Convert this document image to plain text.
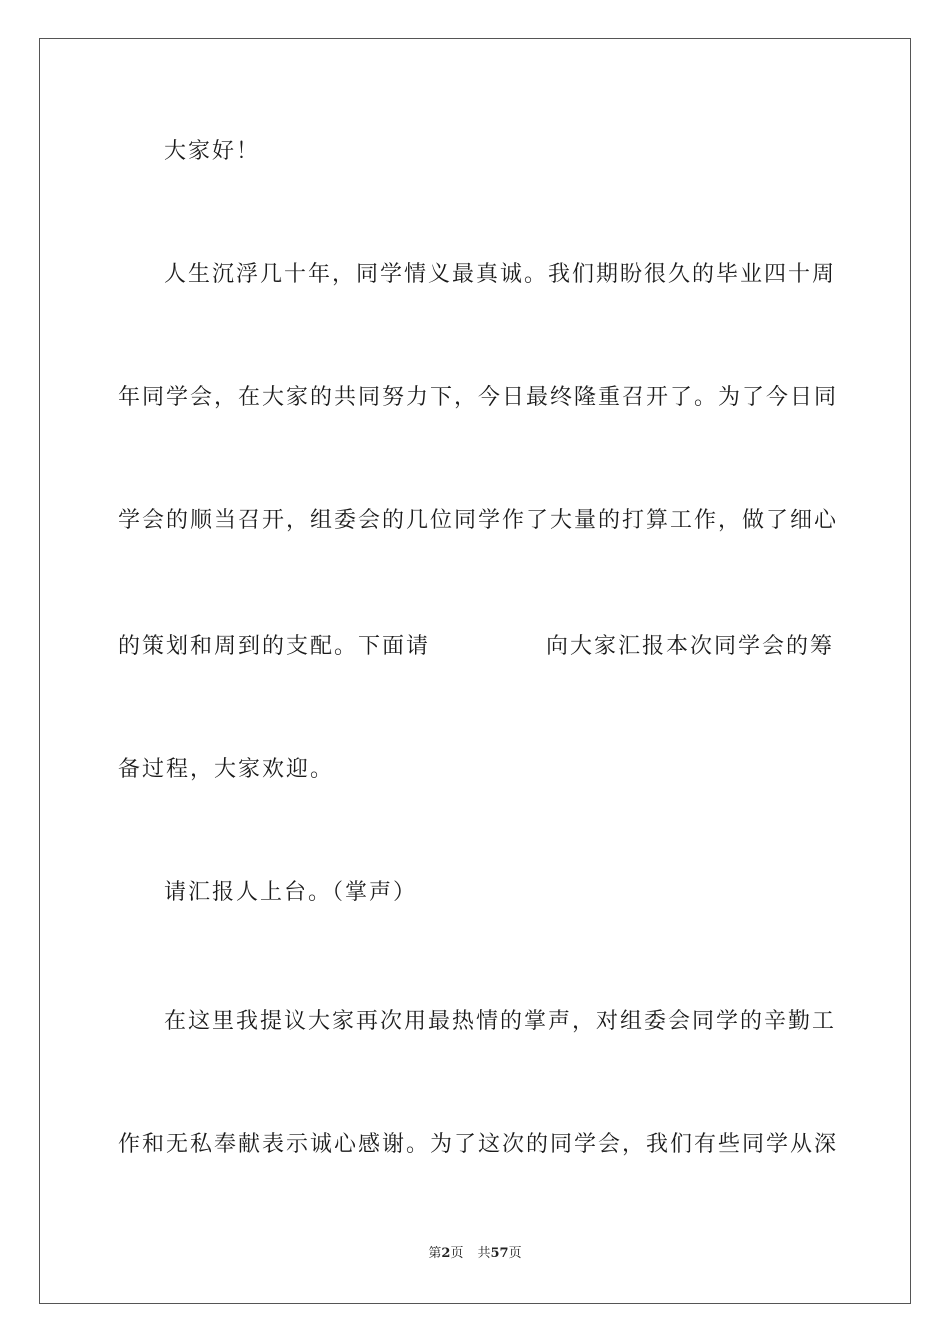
大家好！
人生沉浮几十年，同学情义最真诚。我们期盼很久的毕业四十周
年同学会，在大家的共同努力下，今日最终隆重召开了。为了今日同
学会的顺当召开，组委会的几位同学作了大量的打算工作，做了细心
的策划和周到的支配。下面请	向大家汇报本次同学会的筹
备过程，大家欢迎。
请汇报人上台。（掌声）
在这里我提议大家再次用最热情的掌声，对组委会同学的辛勤工
作和无私奉献表示诚心感谢。为了这次的同学会，我们有些同学从深
第2页 共57页
